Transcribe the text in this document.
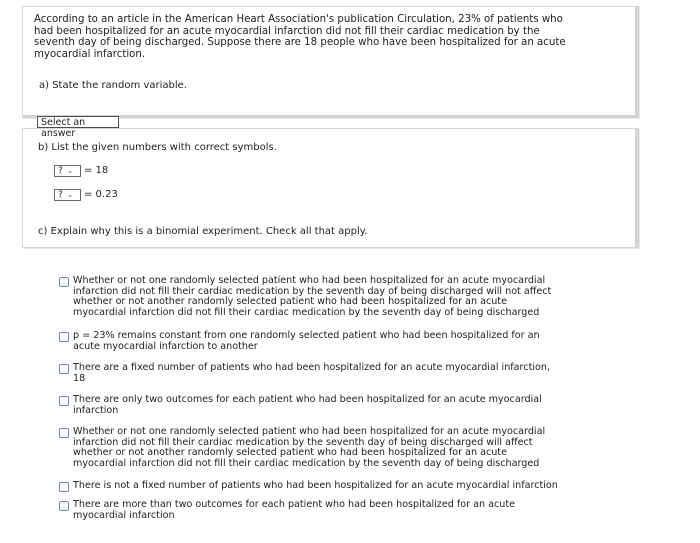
According to an article in the American Heart Association's publication Circulation, 23% of patients who had been hospitalized for an acute myocardial infarction did not fill their cardiac medication by the seventh day of being discharged. Suppose there are 18 people who have been hospitalized for an acute myocardial infarction.

a) State the random variable.

Select an answer

b) List the given numbers with correct symbols.

? ⌄ = 18
? ⌄ = 0.23

c) Explain why this is a binomial experiment. Check all that apply.

Whether or not one randomly selected patient who had been hospitalized for an acute myocardial infarction did not fill their cardiac medication by the seventh day of being discharged will not affect whether or not another randomly selected patient who had been hospitalized for an acute myocardial infarction did not fill their cardiac medication by the seventh day of being discharged
p = 23% remains constant from one randomly selected patient who had been hospitalized for an acute myocardial infarction to another
There are a fixed number of patients who had been hospitalized for an acute myocardial infarction, 18
There are only two outcomes for each patient who had been hospitalized for an acute myocardial infarction
Whether or not one randomly selected patient who had been hospitalized for an acute myocardial infarction did not fill their cardiac medication by the seventh day of being discharged will affect whether or not another randomly selected patient who had been hospitalized for an acute myocardial infarction did not fill their cardiac medication by the seventh day of being discharged
There is not a fixed number of patients who had been hospitalized for an acute myocardial infarction
There are more than two outcomes for each patient who had been hospitalized for an acute myocardial infarction
